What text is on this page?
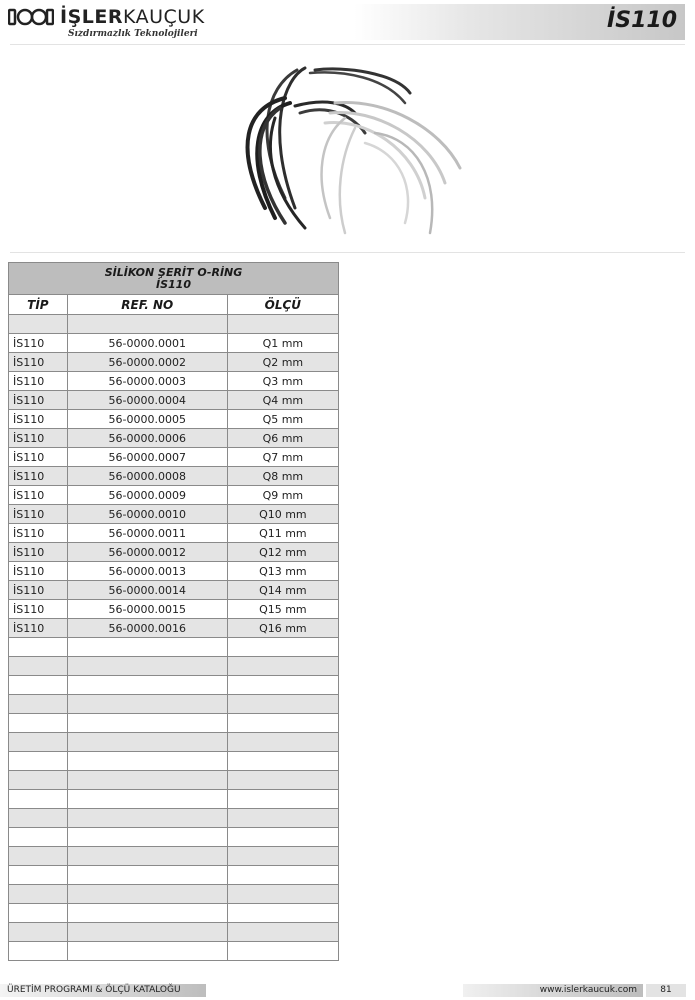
İŞLERKAUÇUK
Sızdırmazlık Teknolojileri
İS110
SİLİKON ŞERİT O-RİNG
İS110		
TİP	REF. NO	ÖLÇÜ

İS110	56-0000.0001	Q1 mm
İS110	56-0000.0002	Q2 mm
İS110	56-0000.0003	Q3 mm
İS110	56-0000.0004	Q4 mm
İS110	56-0000.0005	Q5 mm
İS110	56-0000.0006	Q6 mm
İS110	56-0000.0007	Q7 mm
İS110	56-0000.0008	Q8 mm
İS110	56-0000.0009	Q9 mm
İS110	56-0000.0010	Q10 mm
İS110	56-0000.0011	Q11 mm
İS110	56-0000.0012	Q12 mm
İS110	56-0000.0013	Q13 mm
İS110	56-0000.0014	Q14 mm
İS110	56-0000.0015	Q15 mm
İS110	56-0000.0016	Q16 mm

ÜRETİM PROGRAMI & ÖLÇÜ KATALOĞU	www.islerkaucuk.com	81
